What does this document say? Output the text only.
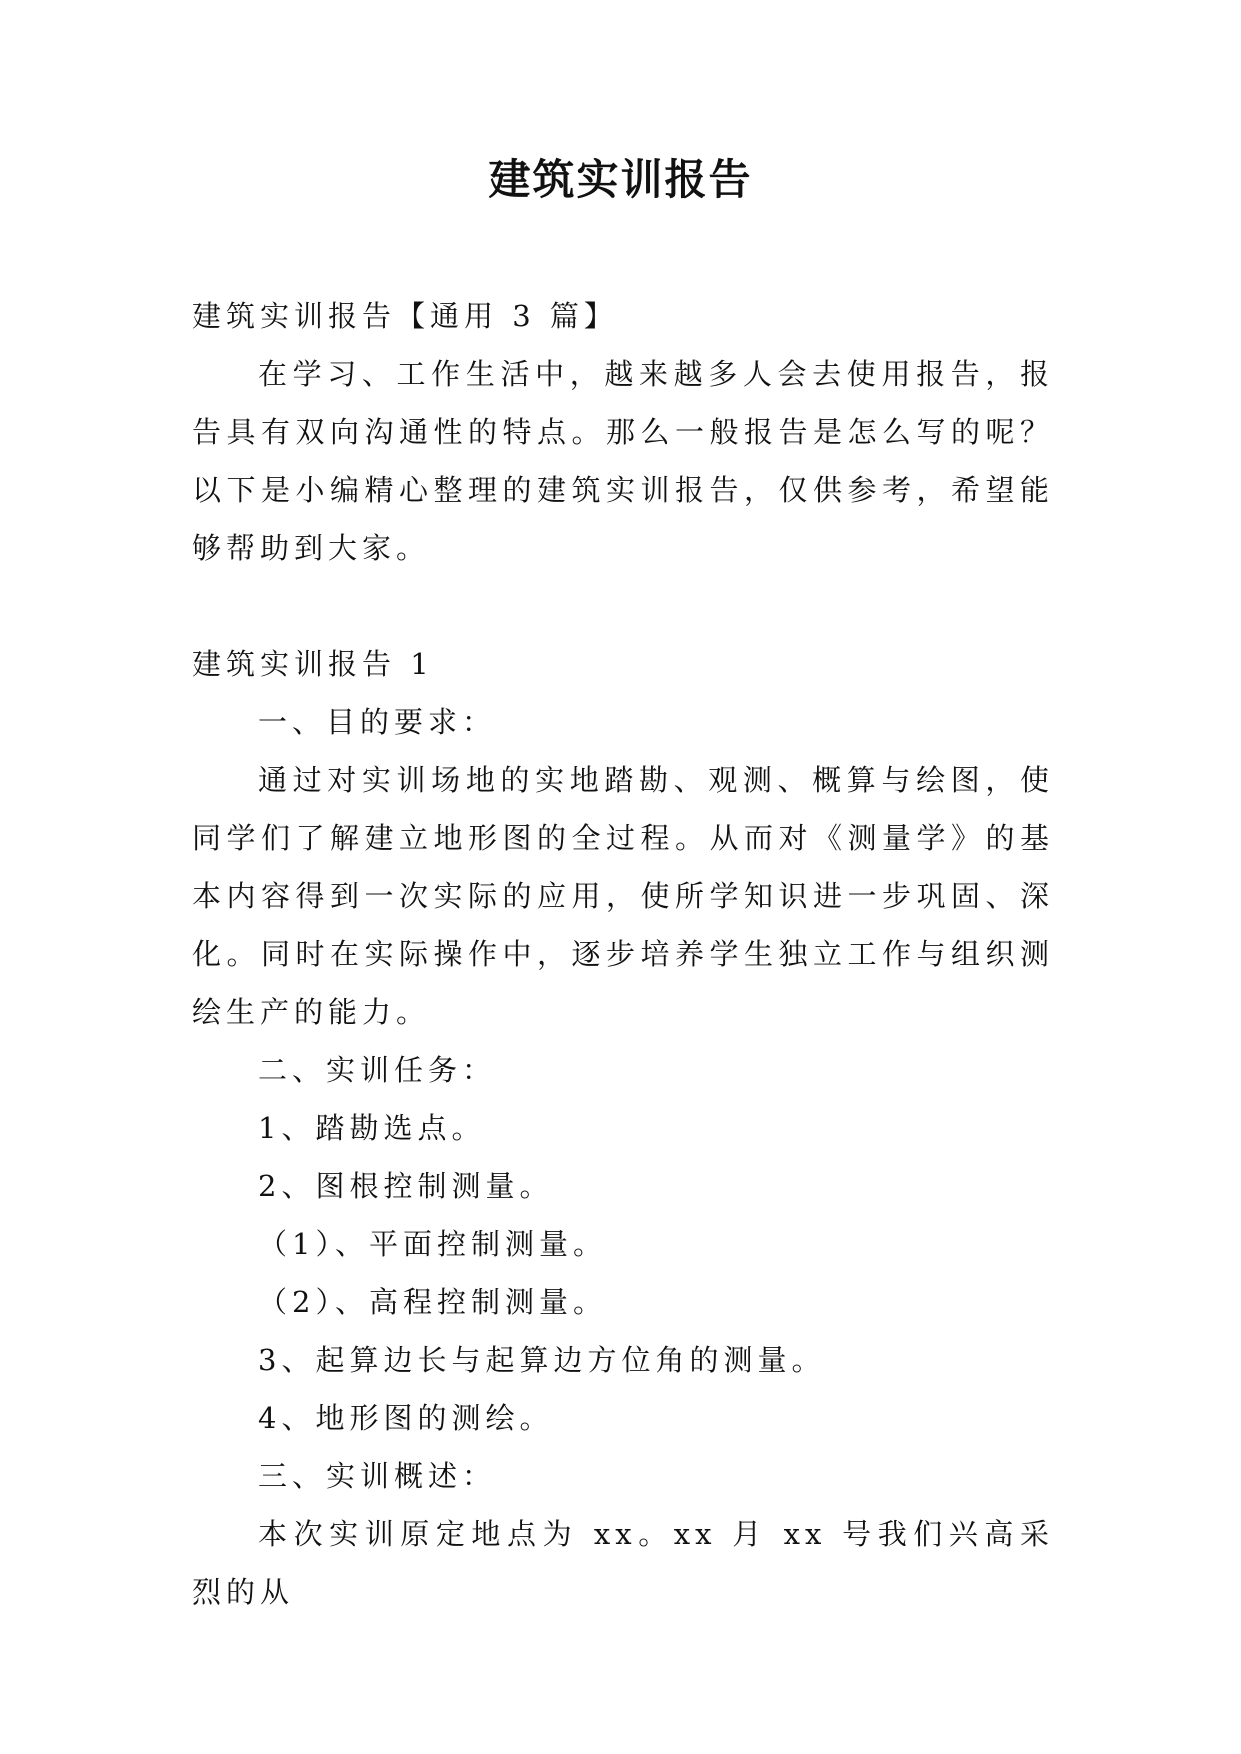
建筑实训报告

建筑实训报告【通用 3 篇】

在学习、工作生活中，越来越多人会去使用报告，报告具有双向沟通性的特点。那么一般报告是怎么写的呢？以下是小编精心整理的建筑实训报告，仅供参考，希望能够帮助到大家。

建筑实训报告 1

一、目的要求：

通过对实训场地的实地踏勘、观测、概算与绘图，使同学们了解建立地形图的全过程。从而对《测量学》的基本内容得到一次实际的应用，使所学知识进一步巩固、深化。同时在实际操作中，逐步培养学生独立工作与组织测绘生产的能力。

二、实训任务：

1、踏勘选点。

2、图根控制测量。

（1）、平面控制测量。

（2）、高程控制测量。

3、起算边长与起算边方位角的测量。

4、地形图的测绘。

三、实训概述：

本次实训原定地点为 xx。xx 月 xx 号我们兴高采烈的从
